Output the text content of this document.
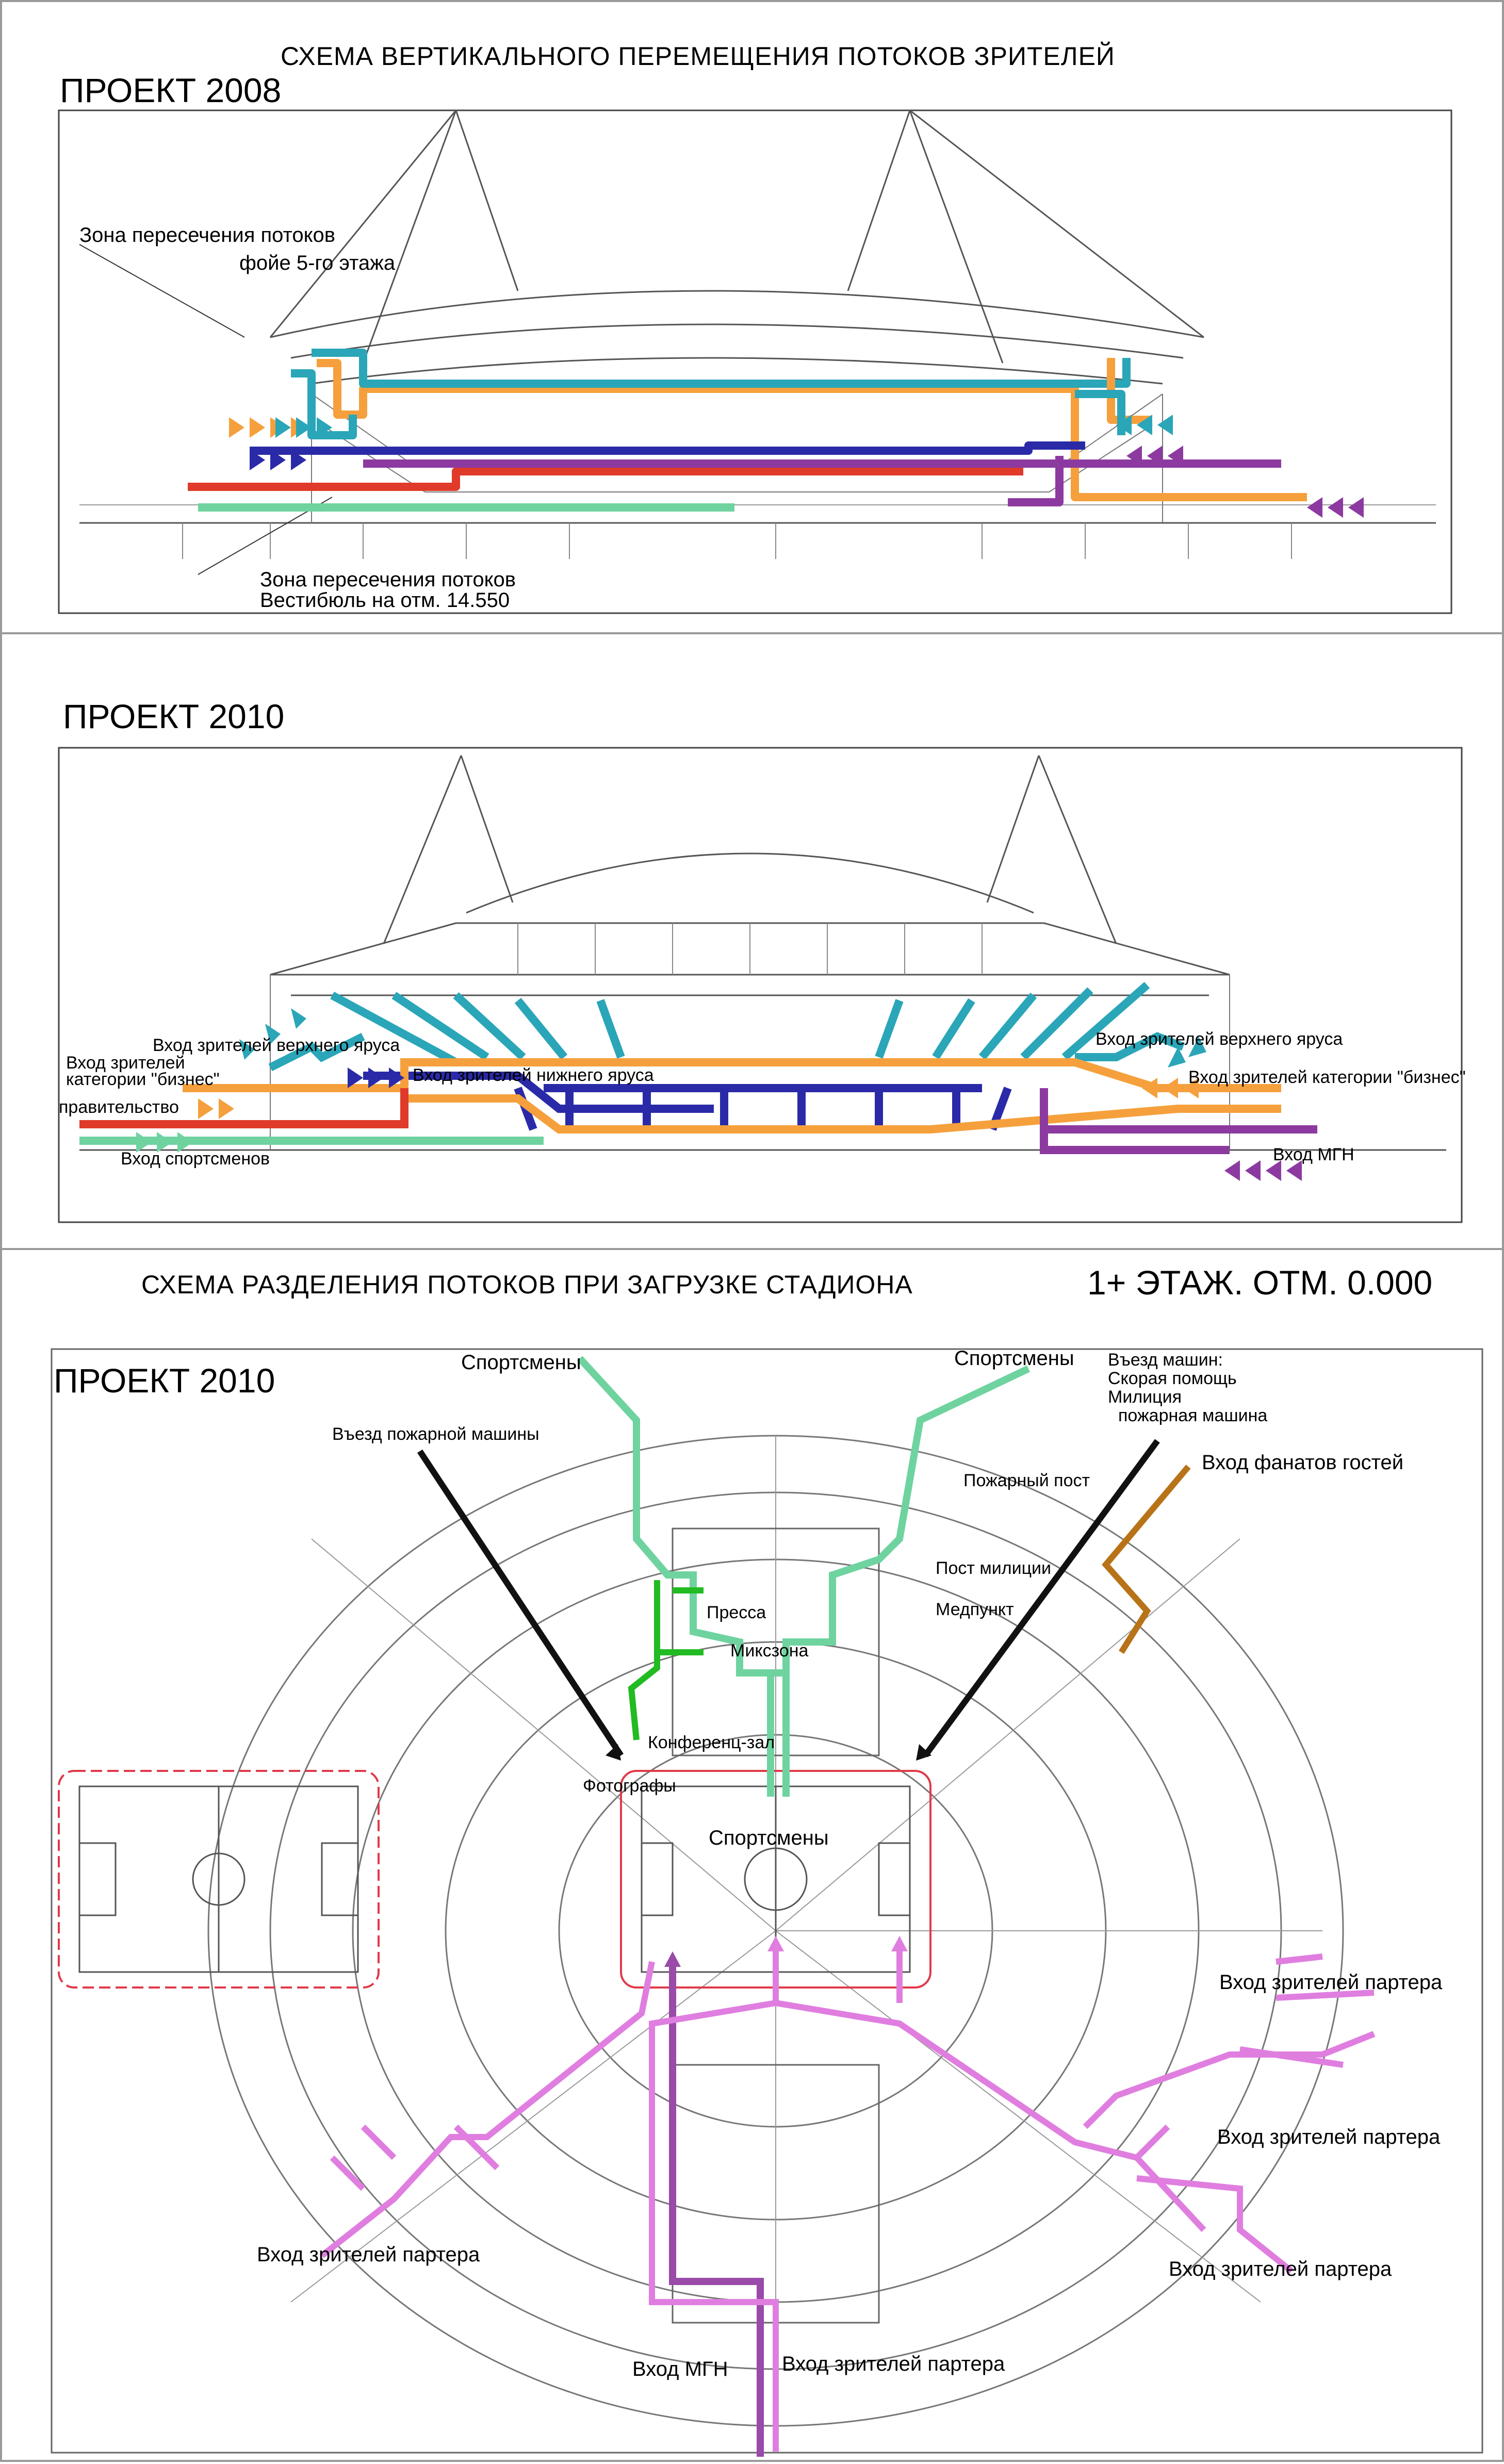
СХЕМА ВЕРТИКАЛЬНОГО ПЕРЕМЕЩЕНИЯ ПОТОКОВ ЗРИТЕЛЕЙ
ПРОЕКТ 2008
Зона пересечения потоков
фойе 5-го этажа
Зона пересечения потоков
Вестибюль на отм. 14.550
ПРОЕКТ 2010
Вход зрителей верхнего яруса
Вход зрителей
категории "бизнес"	Вход зрителей нижнего яруса
правительство
Вход спортсменов
Вход зрителей верхнего яруса
Вход зрителей категории "бизнес"
Вход МГН
СХЕМА РАЗДЕЛЕНИЯ ПОТОКОВ ПРИ ЗАГРУЗКЕ СТАДИОНА	1+ ЭТАЖ. ОТМ. 0.000
ПРОЕКТ 2010	Спортсмены	Спортсмены Въезд машин:
Скорая помощь
Милиция
пожарная машина
Въезд пожарной машины
Вход фанатов гостей
Пожарный пост
Пост милиции
Медпункт
Пресса
Миксзона
Конференц-зал
Фотографы
Спортсмены
Вход зрителей партера
Вход зрителей партера
Вход зрителей партера
Вход зрителей партера
Вход зрителей партера
Вход МГН
